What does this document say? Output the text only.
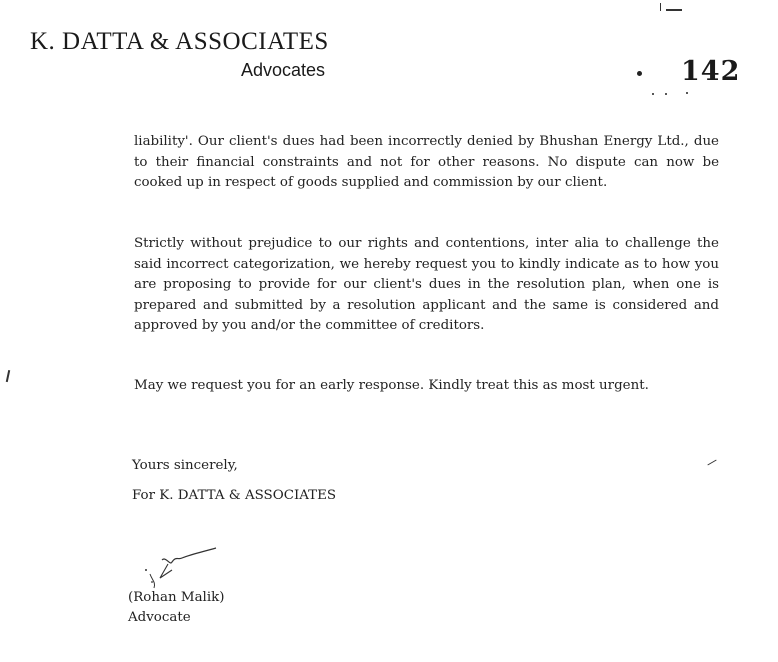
K. DATTA & ASSOCIATES
Advocates	142

liability'. Our client's dues had been incorrectly denied by Bhushan Energy Ltd., due to their financial constraints and not for other reasons. No dispute can now be cooked up in respect of goods supplied and commission by our client.

Strictly without prejudice to our rights and contentions, inter alia to challenge the said incorrect categorization, we hereby request you to kindly indicate as to how you are proposing to provide for our client's dues in the resolution plan, when one is prepared and submitted by a resolution applicant and the same is considered and approved by you and/or the committee of creditors.

May we request you for an early response. Kindly treat this as most urgent.

Yours sincerely,
For K. DATTA & ASSOCIATES
(Rohan Malik)
Advocate
